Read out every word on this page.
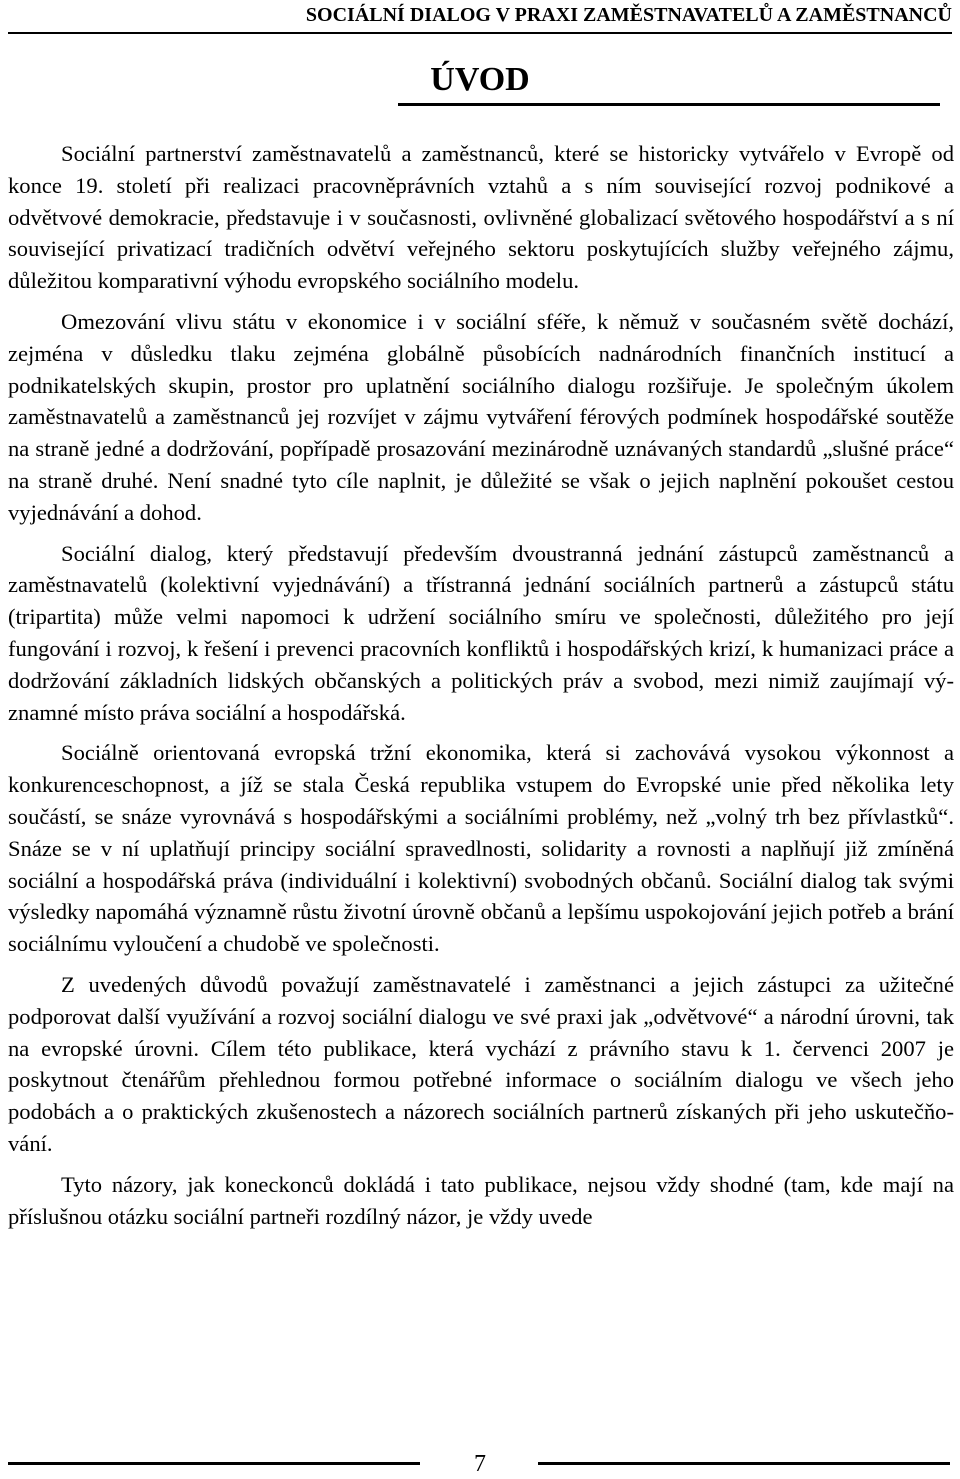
SOCIÁLNÍ DIALOG V PRAXI ZAMĚSTNAVATELŮ A ZAMĚSTNANCŮ
ÚVOD

Sociální partnerství zaměstnavatelů a zaměstnanců, které se historicky vytvářelo v Evropě od konce 19. století při realizaci pracovněprávních vztahů a s ním související rozvoj podnikové a odvětvové demokracie, představuje i v současnosti, ovlivněné globalizací světového hospodářství a s ní související privatizací tradičních odvětví veřejného sektoru poskytujících služby veřejného zájmu, důležitou komparativní výhodu evropského sociálního modelu.

Omezování vlivu státu v ekonomice i v sociální sféře, k němuž v současném světě dochází, zejména v důsledku tlaku zejména globálně působících nadnárodních finančních institucí a podnikatelských skupin, prostor pro uplatnění sociálního dialogu rozšiřuje. Je společným úkolem zaměstnavatelů a zaměstnanců jej rozvíjet v zájmu vytváření férových podmínek hospodářské soutěže na straně jedné a dodržování, popřípadě prosazování mezinárodně uznávaných standardů „slušné práce“ na straně druhé. Není snadné tyto cíle naplnit, je důležité se však o jejich naplnění pokoušet cestou vyjednávání a dohod.

Sociální dialog, který představují především dvoustranná jednání zástupců zaměstnanců a zaměstnavatelů (kolektivní vyjednávání) a třístranná jednání sociálních partnerů a zástupců státu (tripartita) může velmi napomoci k udržení sociálního smíru ve společnosti, důležitého pro její fungování i rozvoj, k řešení i prevenci pracovních konfliktů i hospodářských krizí, k humanizaci práce a dodržování základních lidských občanských a politických práv a svobod, mezi nimiž zaujímají významné místo práva sociální a hospodářská.

Sociálně orientovaná evropská tržní ekonomika, která si zachovává vysokou výkonnost a konkurenceschopnost, a jíž se stala Česká republika vstupem do Evropské unie před několika lety součástí, se snáze vyrovnává s hospodářskými a sociálními problémy, než „volný trh bez přívlastků“. Snáze se v ní uplatňují principy sociální spravedlnosti, solidarity a rovnosti a naplňují již zmíněná sociální a hospodářská práva (individuální i kolektivní) svobodných občanů. Sociální dialog tak svými výsledky napomáhá významně růstu životní úrovně občanů a lepšímu uspokojování jejich potřeb a brání sociálnímu vyloučení a chudobě ve společnosti.

Z uvedených důvodů považují zaměstnavatelé i zaměstnanci a jejich zástupci za užitečné podporovat další využívání a rozvoj sociální dialogu ve své praxi jak „odvětvové“ a národní úrovni, tak na evropské úrovni. Cílem této publikace, která vychází z právního stavu k 1. červenci 2007 je poskytnout čtenářům přehlednou formou potřebné informace o sociálním dialogu ve všech jeho podobách a o praktických zkušenostech a názorech sociálních partnerů získaných při jeho uskutečňování.

Tyto názory, jak koneckonců dokládá i tato publikace, nejsou vždy shodné (tam, kde mají na příslušnou otázku sociální partneři rozdílný názor, je vždy uvede

7
